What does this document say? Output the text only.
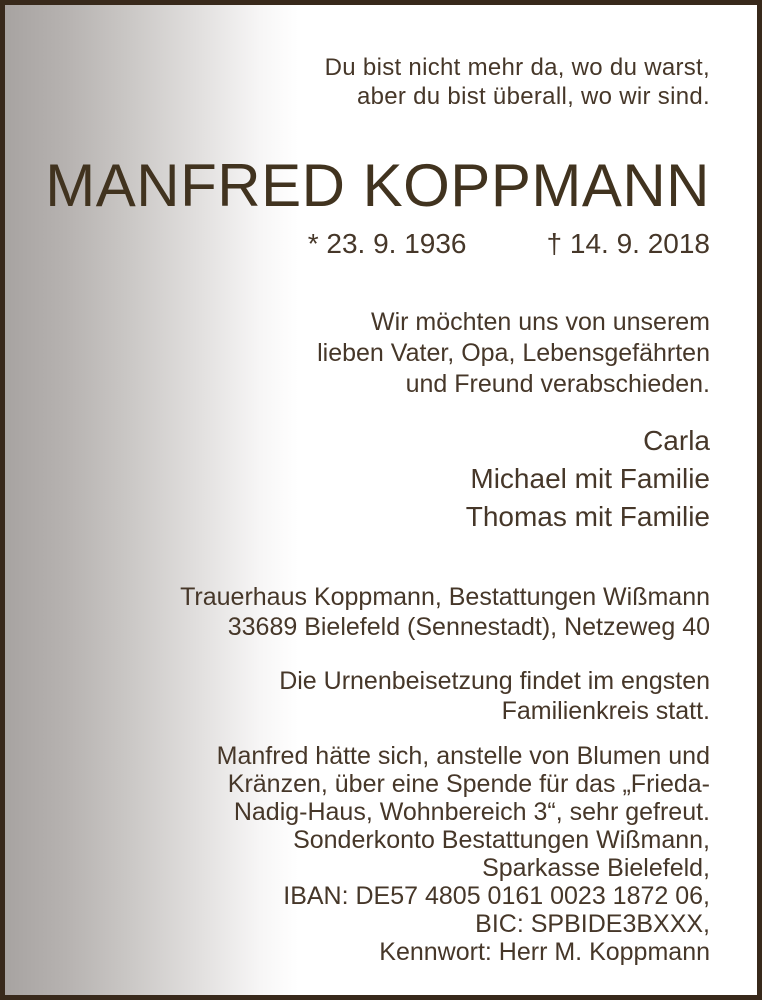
Du bist nicht mehr da, wo du warst,
aber du bist überall, wo wir sind.
MANFRED KOPPMANN
* 23. 9. 1936	† 14. 9. 2018
Wir möchten uns von unserem
lieben Vater, Opa, Lebensgefährten
und Freund verabschieden.
Carla
Michael mit Familie
Thomas mit Familie
Trauerhaus Koppmann, Bestattungen Wißmann
33689 Bielefeld (Sennestadt), Netzeweg 40
Die Urnenbeisetzung findet im engsten
Familienkreis statt.
Manfred hätte sich, anstelle von Blumen und
Kränzen, über eine Spende für das „Frieda-
Nadig-Haus, Wohnbereich 3“, sehr gefreut.
Sonderkonto Bestattungen Wißmann,
Sparkasse Bielefeld,
IBAN: DE57 4805 0161 0023 1872 06,
BIC: SPBIDE3BXXX,
Kennwort: Herr M. Koppmann
